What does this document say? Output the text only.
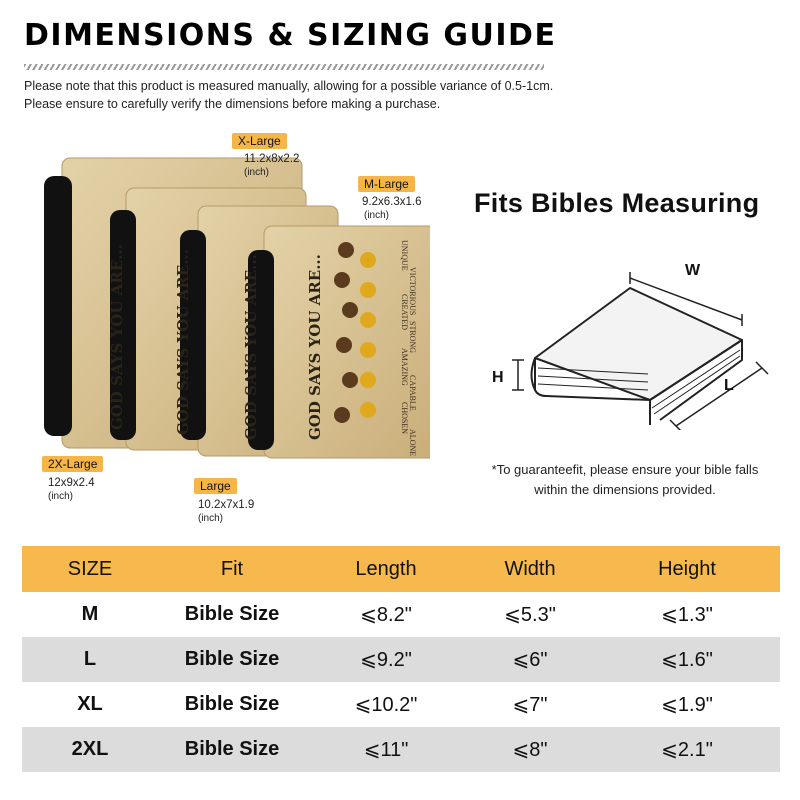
DIMENSIONS & SIZING GUIDE
Please note that this product is measured manually, allowing for a possible variance of 0.5-1cm.
Please ensure to carefully verify the dimensions before making a purchase.
GOD SAYS YOU ARE...	GOD SAYS YOU ARE...	GOD SAYS YOU ARE...	GOD SAYS YOU ARE...	UNIQUE
VICTORIOUS
CREATED
STRONG
AMAZING
CAPABLE
CHOSEN
ALONE
X-Large
11.2x8x2.2
(inch)
M-Large
9.2x6.3x1.6
(inch)
2X-Large
12x9x2.4
(inch)
Large
10.2x7x1.9
(inch)
Fits Bibles Measuring
W
H	L
*To guaranteefit, please ensure your bible falls
within the dimensions provided.
SIZE	Fit	Length	Width	Height
M	Bible Size	⩽8.2"	⩽5.3"	⩽1.3"
L	Bible Size	⩽9.2"	⩽6"	⩽1.6"
XL	Bible Size	⩽10.2"	⩽7"	⩽1.9"
2XL	Bible Size	⩽11"	⩽8"	⩽2.1"
